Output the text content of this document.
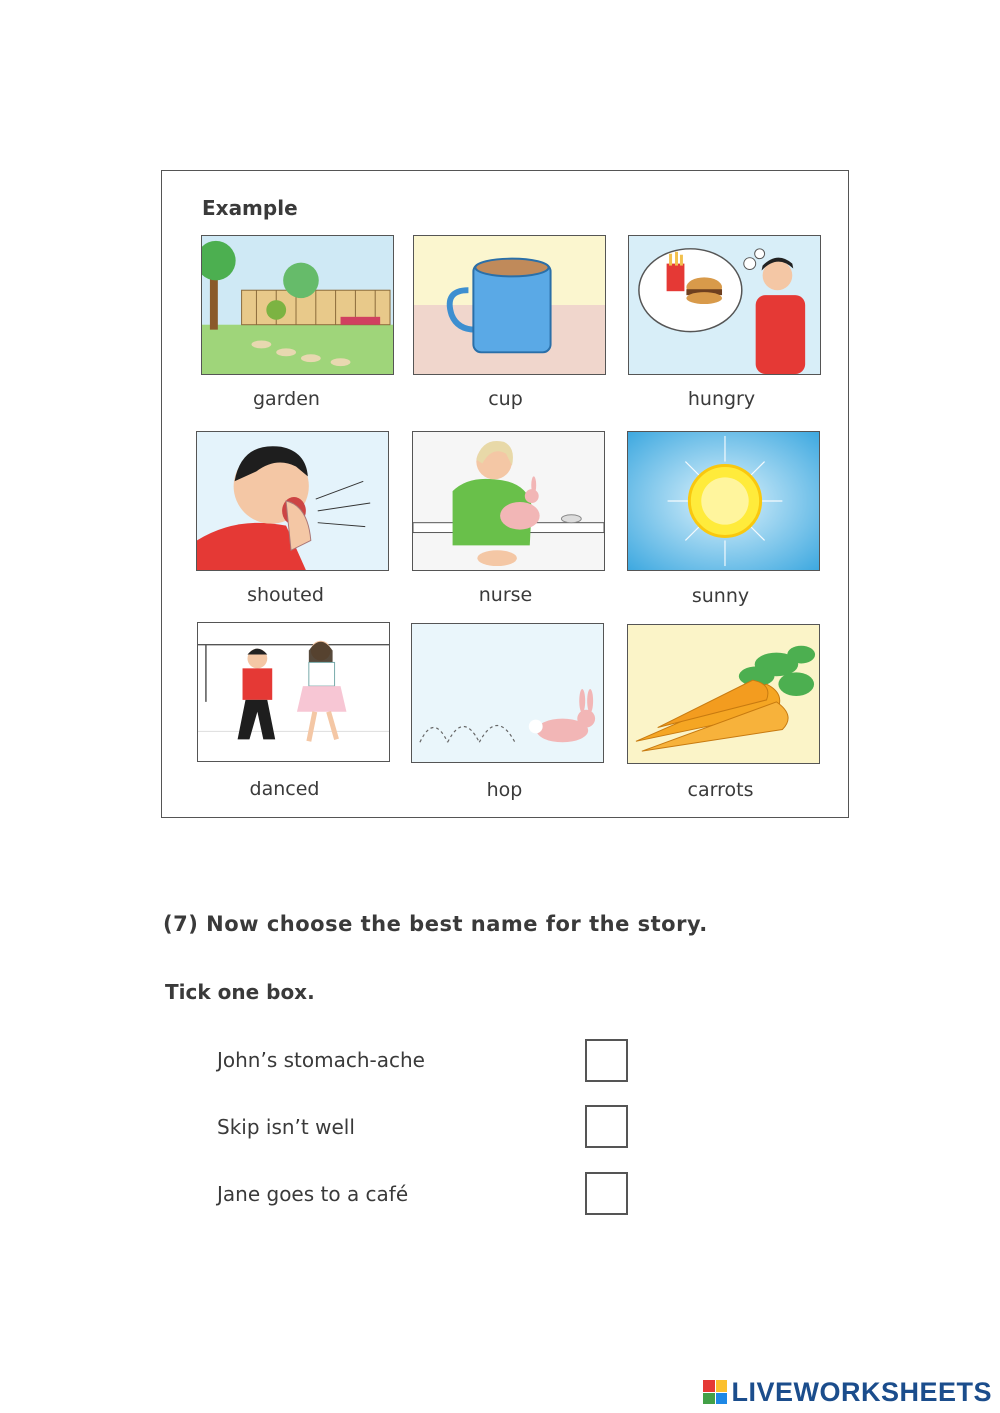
Example
garden	cup	hungry
shouted	nurse	sunny
danced	hop	carrots
(7) Now choose the best name for the story.
Tick one box.
John’s stomach-ache
Skip isn’t well
Jane goes to a café
LIVEWORKSHEETS
